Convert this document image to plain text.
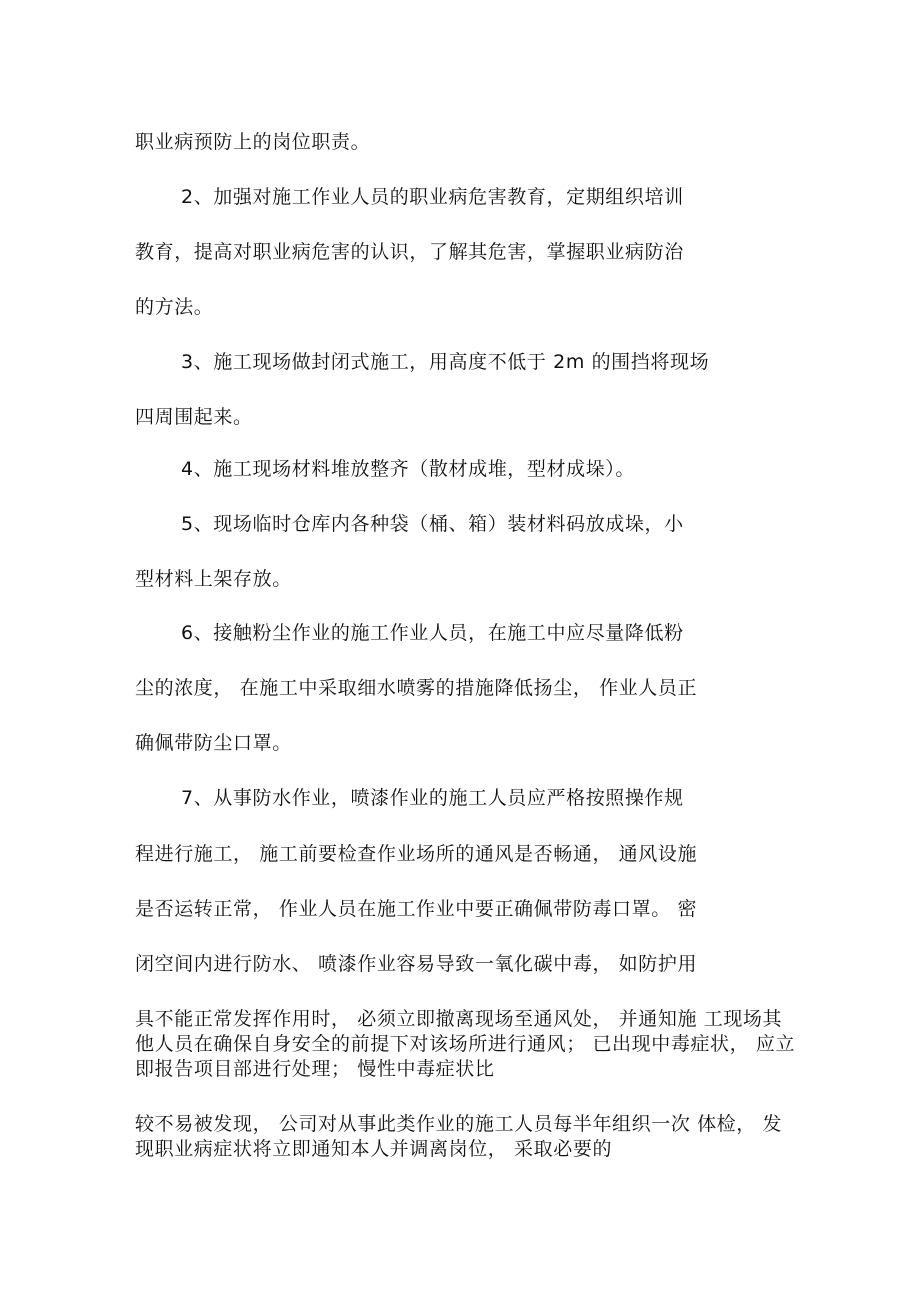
职业病预防上的岗位职责。
2、加强对施工作业人员的职业病危害教育，定期组织培训
教育，提高对职业病危害的认识，了解其危害，掌握职业病防治
的方法。
3、施工现场做封闭式施工，用高度不低于 2m 的围挡将现场
四周围起来。
4、施工现场材料堆放整齐（散材成堆，型材成垛）。
5、现场临时仓库内各种袋（桶、箱）装材料码放成垛，小
型材料上架存放。
6、接触粉尘作业的施工作业人员，在施工中应尽量降低粉
尘的浓度， 在施工中采取细水喷雾的措施降低扬尘， 作业人员正
确佩带防尘口罩。
7、从事防水作业，喷漆作业的施工人员应严格按照操作规
程进行施工， 施工前要检查作业场所的通风是否畅通， 通风设施
是否运转正常， 作业人员在施工作业中要正确佩带防毒口罩。 密
闭空间内进行防水、 喷漆作业容易导致一氧化碳中毒， 如防护用
具不能正常发挥作用时， 必须立即撤离现场至通风处， 并通知施 工现场其
他人员在确保自身安全的前提下对该场所进行通风； 已出现中毒症状， 应立
即报告项目部进行处理； 慢性中毒症状比
较不易被发现， 公司对从事此类作业的施工人员每半年组织一次 体检， 发
现职业病症状将立即通知本人并调离岗位， 采取必要的
